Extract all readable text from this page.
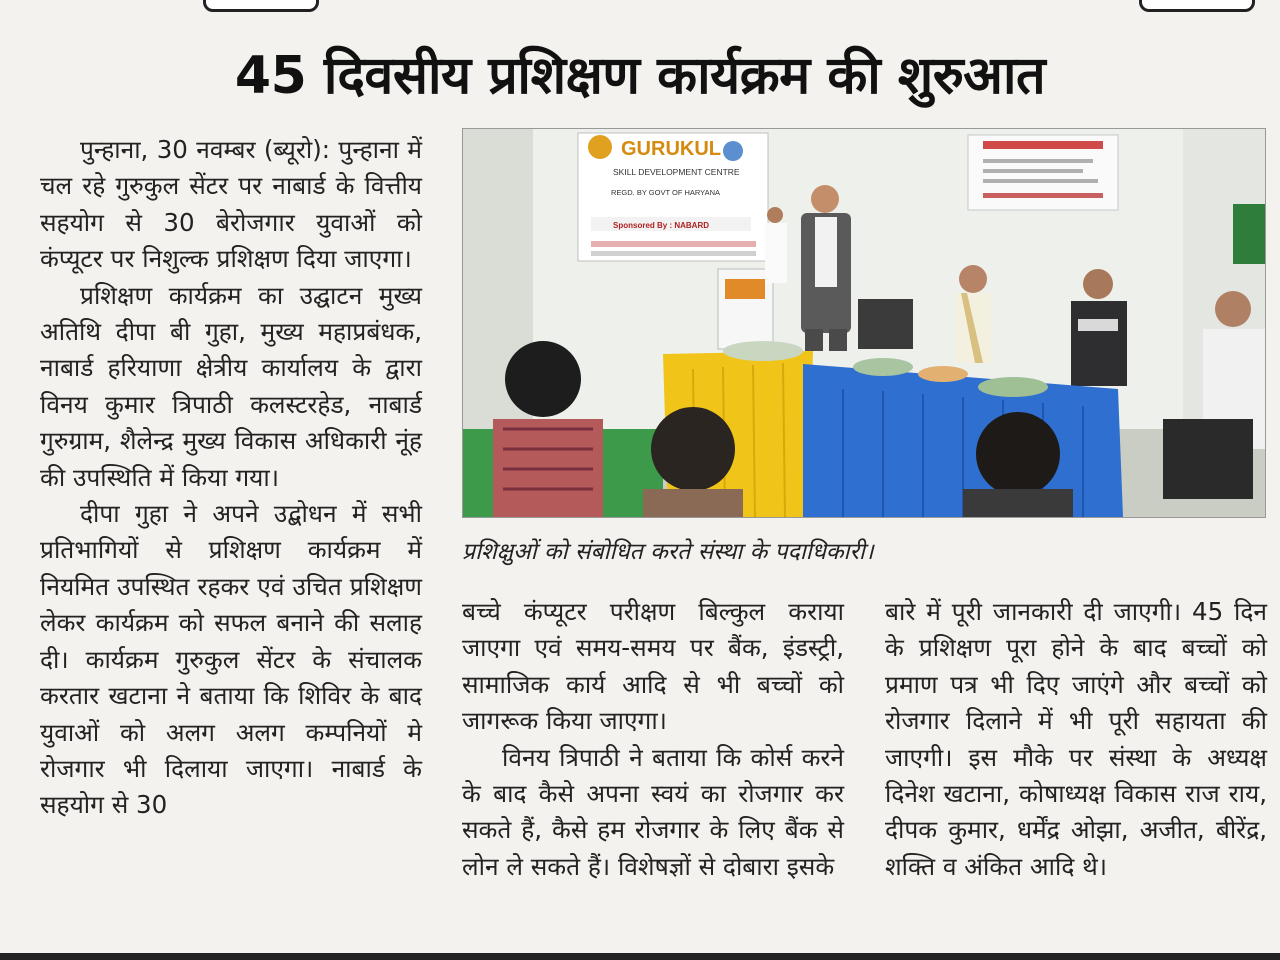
45 दिवसीय प्रशिक्षण कार्यक्रम की शुरुआत

पुन्हाना, 30 नवम्बर (ब्यूरो): पुन्हाना में चल रहे गुरुकुल सेंटर पर नाबार्ड के वित्तीय सहयोग से 30 बेरोजगार युवाओं को कंप्यूटर पर निशुल्क प्रशिक्षण दिया जाएगा।

प्रशिक्षण कार्यक्रम का उद्घाटन मुख्य अतिथि दीपा बी गुहा, मुख्य महाप्रबंधक, नाबार्ड हरियाणा क्षेत्रीय कार्यालय के द्वारा विनय कुमार त्रिपाठी कलस्टरहेड, नाबार्ड गुरुग्राम, शैलेन्द्र मुख्य विकास अधिकारी नूंह की उपस्थिति में किया गया।

दीपा गुहा ने अपने उद्बोधन में सभी प्रतिभागियों से प्रशिक्षण कार्यक्रम में नियमित उपस्थित रहकर एवं उचित प्रशिक्षण लेकर कार्यक्रम को सफल बनाने की सलाह दी। कार्यक्रम गुरुकुल सेंटर के संचालक करतार खटाना ने बताया कि शिविर के बाद युवाओं को अलग अलग कम्पनियों मे रोजगार भी दिलाया जाएगा। नाबार्ड के सहयोग से 30

GURUKUL
SKILL DEVELOPMENT CENTRE
REGD. BY GOVT OF HARYANA
Sponsored By : NABARD
प्रशिक्षुओं को संबोधित करते संस्था के पदाधिकारी।

बच्चे कंप्यूटर परीक्षण बिल्कुल कराया जाएगा एवं समय-समय पर बैंक, इंडस्ट्री, सामाजिक कार्य आदि से भी बच्चों को जागरूक किया जाएगा।

विनय त्रिपाठी ने बताया कि कोर्स करने के बाद कैसे अपना स्वयं का रोजगार कर सकते हैं, कैसे हम रोजगार के लिए बैंक से लोन ले सकते हैं। विशेषज्ञों से दोबारा इसके

बारे में पूरी जानकारी दी जाएगी। 45 दिन के प्रशिक्षण पूरा होने के बाद बच्चों को प्रमाण पत्र भी दिए जाएंगे और बच्चों को रोजगार दिलाने में भी पूरी सहायता की जाएगी। इस मौके पर संस्था के अध्यक्ष दिनेश खटाना, कोषाध्यक्ष विकास राज राय, दीपक कुमार, धर्मेंद्र ओझा, अजीत, बीरेंद्र, शक्ति व अंकित आदि थे।
